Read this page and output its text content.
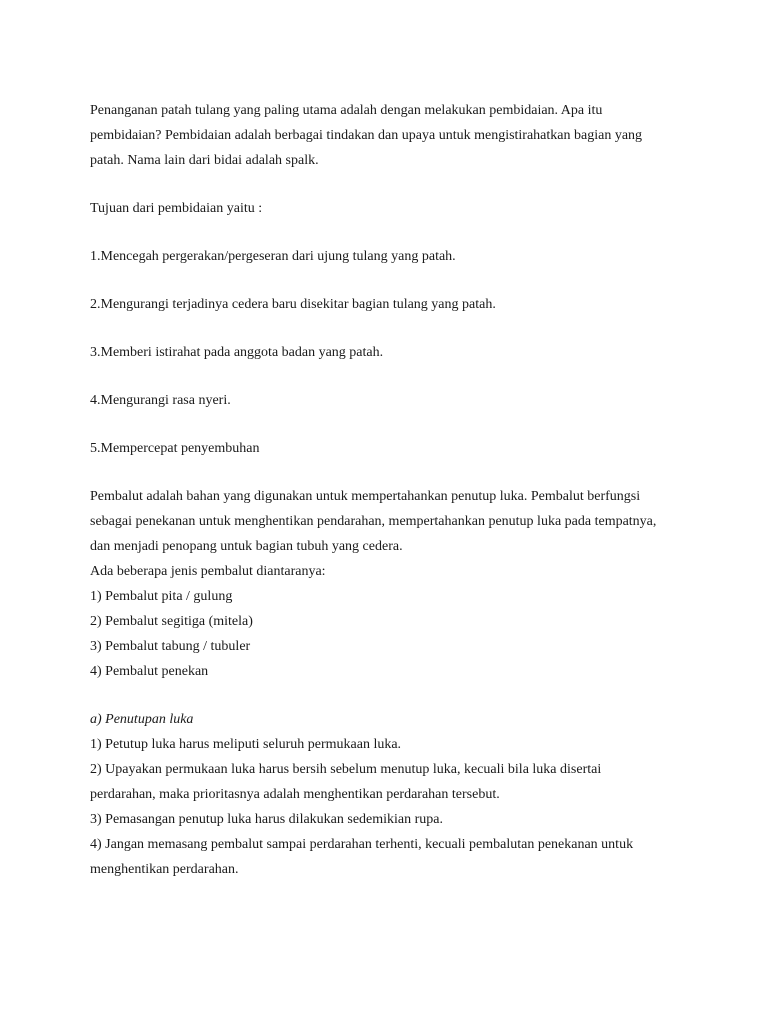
Penanganan patah tulang yang paling utama adalah dengan melakukan pembidaian. Apa itu

pembidaian? Pembidaian adalah berbagai tindakan dan upaya untuk mengistirahatkan bagian yang

patah. Nama lain dari bidai adalah spalk.

Tujuan dari pembidaian yaitu :

1.Mencegah pergerakan/pergeseran dari ujung tulang yang patah.

2.Mengurangi terjadinya cedera baru disekitar bagian tulang yang patah.

3.Memberi istirahat pada anggota badan yang patah.

4.Mengurangi rasa nyeri.

5.Mempercepat penyembuhan

Pembalut adalah bahan yang digunakan untuk mempertahankan penutup luka. Pembalut berfungsi

sebagai penekanan untuk menghentikan pendarahan, mempertahankan penutup luka pada tempatnya,

dan menjadi penopang untuk bagian tubuh yang cedera.

Ada beberapa jenis pembalut diantaranya:

1) Pembalut pita / gulung

2) Pembalut segitiga (mitela)

3) Pembalut tabung / tubuler

4) Pembalut penekan

a) Penutupan luka

1) Petutup luka harus meliputi seluruh permukaan luka.

2) Upayakan permukaan luka harus bersih sebelum menutup luka, kecuali bila luka disertai

perdarahan, maka prioritasnya adalah menghentikan perdarahan tersebut.

3) Pemasangan penutup luka harus dilakukan sedemikian rupa.

4) Jangan memasang pembalut sampai perdarahan terhenti, kecuali pembalutan penekanan untuk

menghentikan perdarahan.
